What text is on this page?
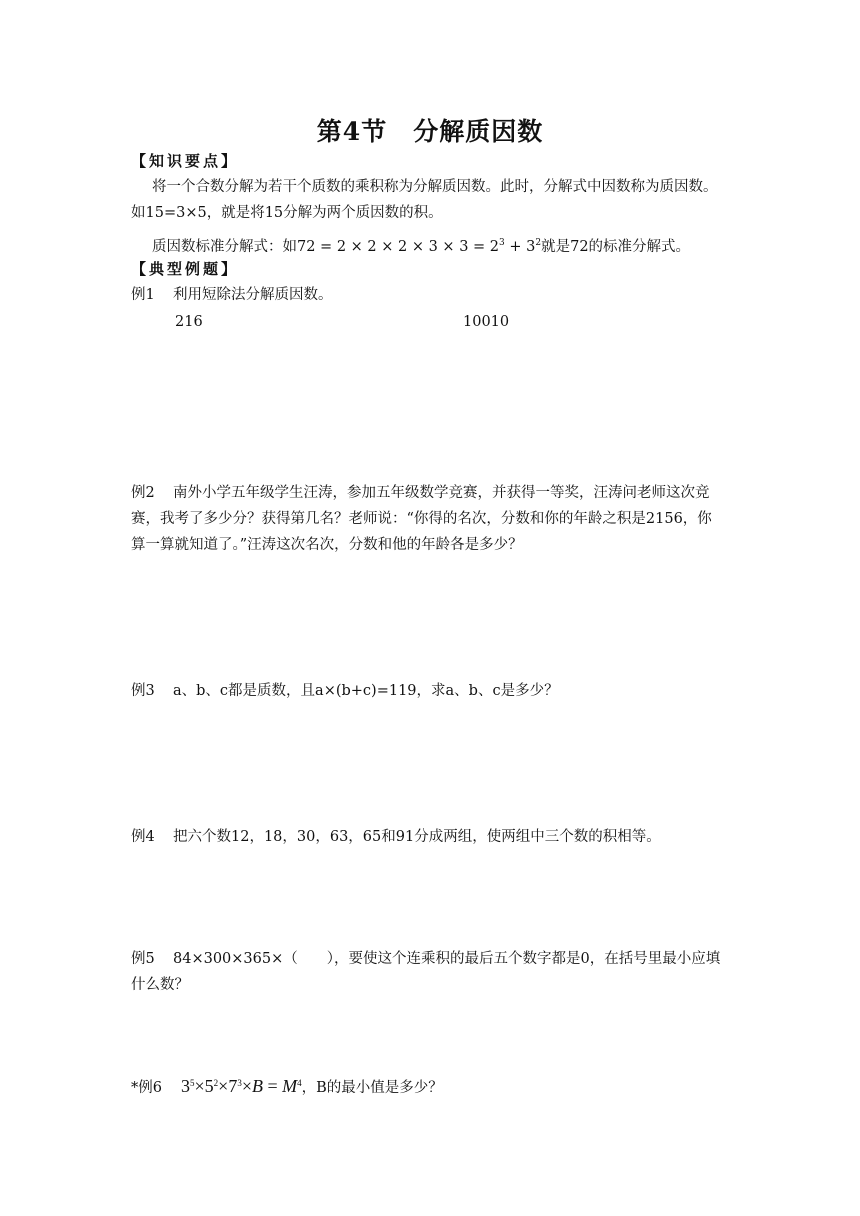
第4节　分解质因数
【知识要点】
将一个合数分解为若干个质数的乘积称为分解质因数。此时，分解式中因数称为质因数。
如15=3×5，就是将15分解为两个质因数的积。
质因数标准分解式：如$72 = 2 \times 2 \times 2 \times 3 \times 3 = 2^3 + 3^2$就是72的标准分解式。
【典型例题】
例1 利用短除法分解质因数。
216	10010
例2 南外小学五年级学生汪涛，参加五年级数学竞赛，并获得一等奖，汪涛问老师这次竞
赛，我考了多少分？获得第几名？老师说：“你得的名次，分数和你的年龄之积是2156，你
算一算就知道了。”汪涛这次名次，分数和他的年龄各是多少？
例3 a、b、c都是质数，且a×(b+c)=119，求a、b、c是多少？
例4 把六个数12，18，30，63，65和91分成两组，使两组中三个数的积相等。
例5 84×300×365×（　　），要使这个连乘积的最后五个数字都是0，在括号里最小应填
什么数？
*例6 $3^5\times 5^2\times 7^3\times B = M^4$，B的最小值是多少？
